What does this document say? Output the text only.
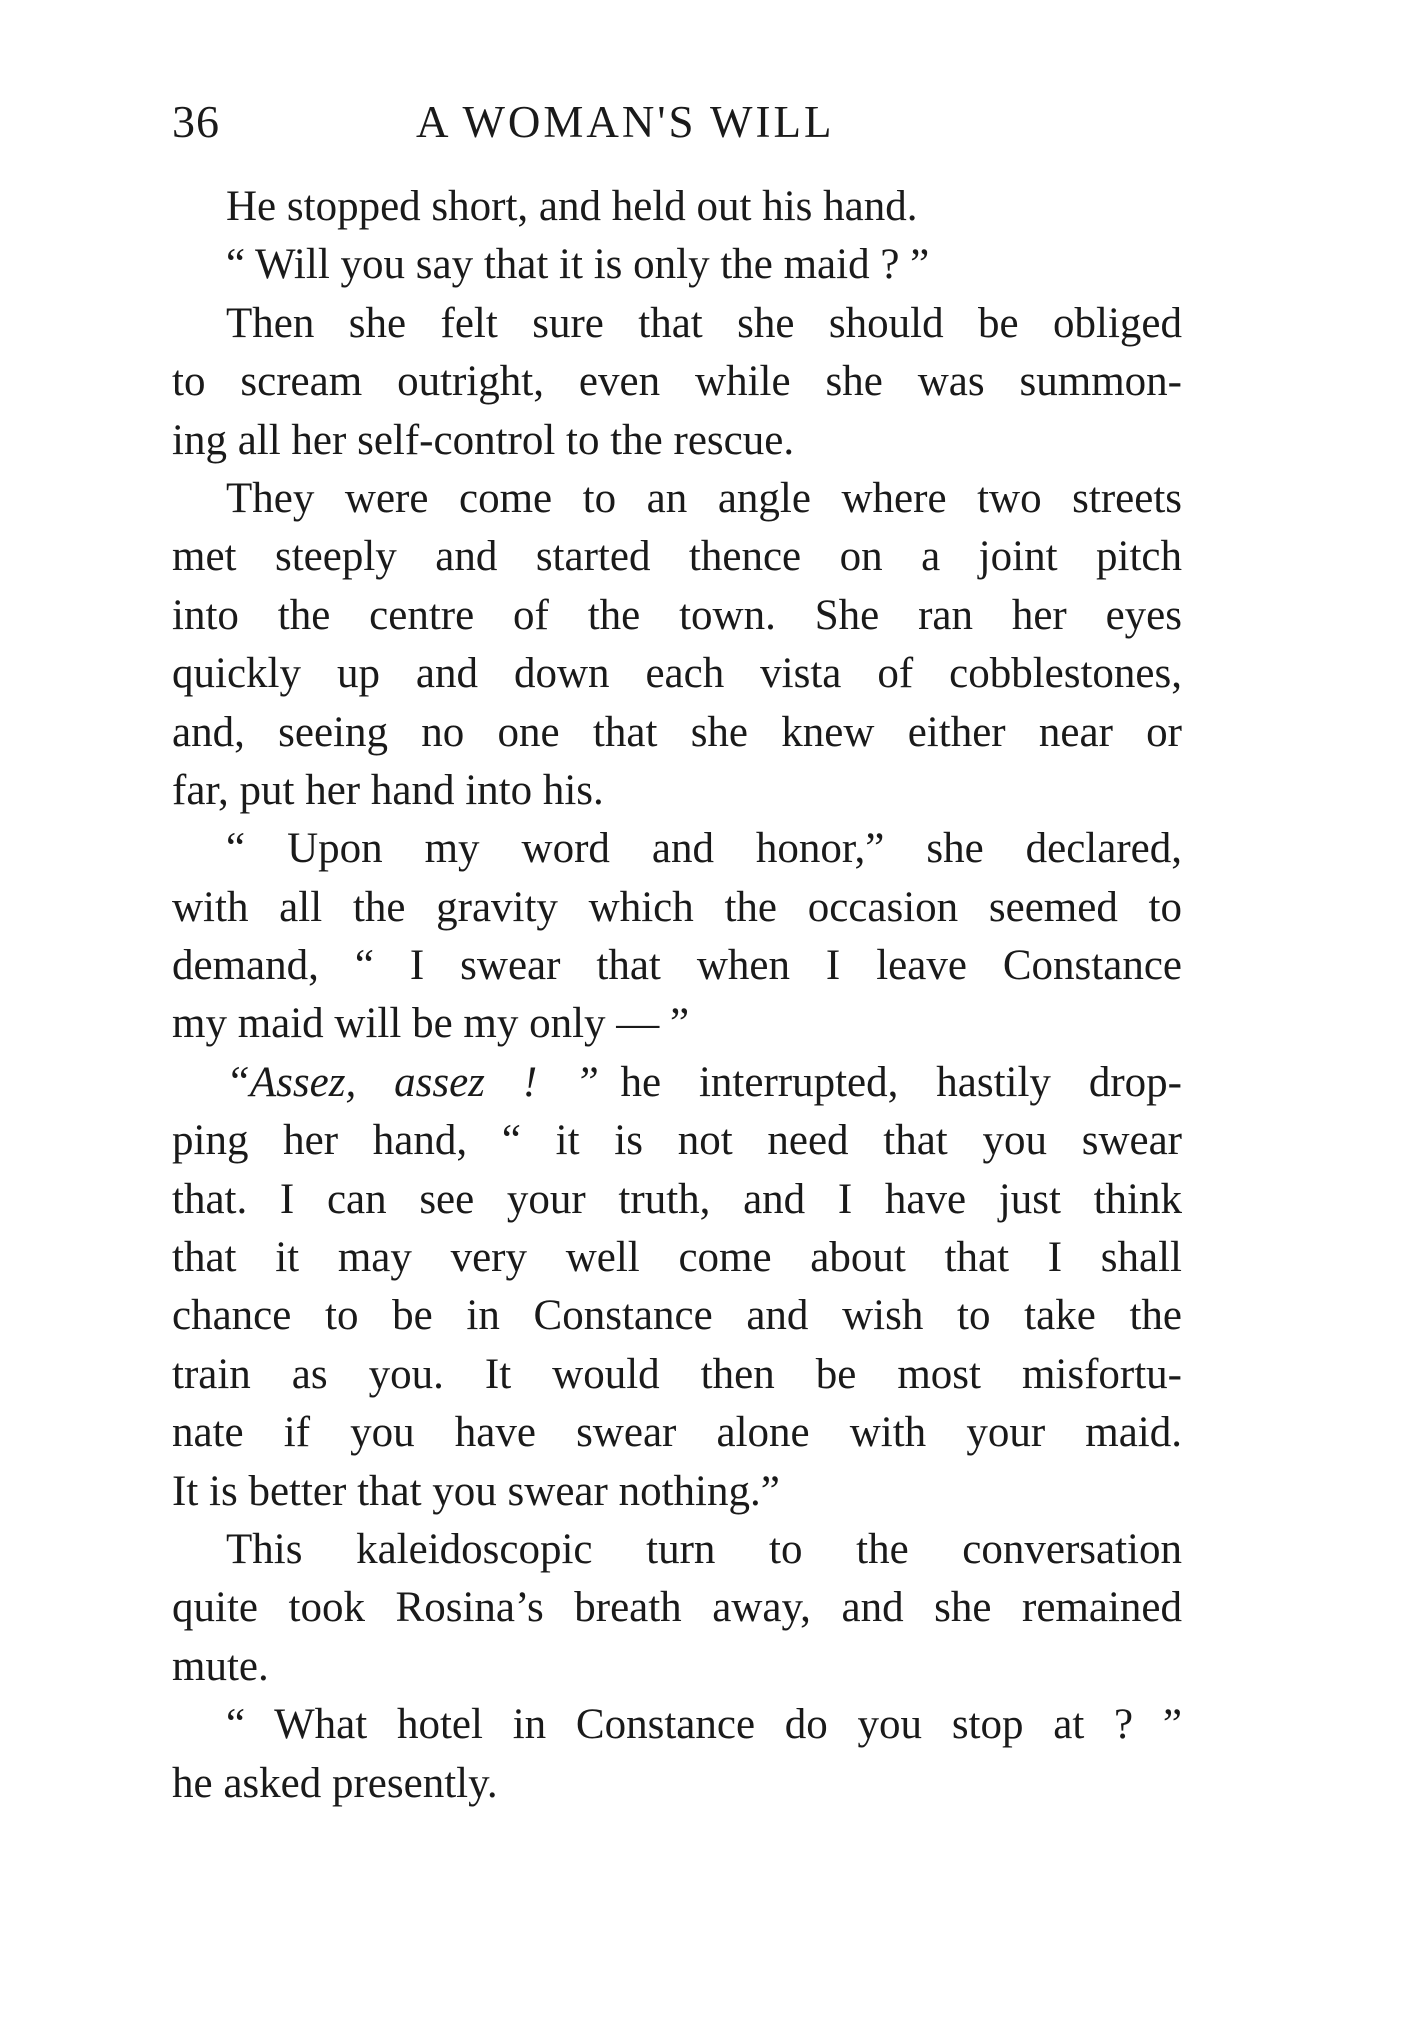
36	A WOMAN'S WILL
He stopped short, and held out his hand.
“ Will you say that it is only the maid ? ”
Then she felt sure that she should be obliged
to scream outright, even while she was summon-
ing all her self-control to the rescue.
They were come to an angle where two streets
met steeply and started thence on a joint pitch
into the centre of the town. She ran her eyes
quickly up and down each vista of cobblestones,
and, seeing no one that she knew either near or
far, put her hand into his.
“ Upon my word and honor,” she declared,
with all the gravity which the occasion seemed to
demand, “ I swear that when I leave Constance
my maid will be my only — ”
“Assez, assez ! ”  he interrupted, hastily drop-
ping her hand, “ it is not need that you swear
that. I can see your truth, and I have just think
that it may very well come about that I shall
chance to be in Constance and wish to take the
train as you. It would then be most misfortu-
nate if you have swear alone with your maid.
It is better that you swear nothing.”
This kaleidoscopic turn to the conversation
quite took Rosina’s breath away, and she remained
mute.
“ What hotel in Constance do you stop at ? ”
he asked presently.
